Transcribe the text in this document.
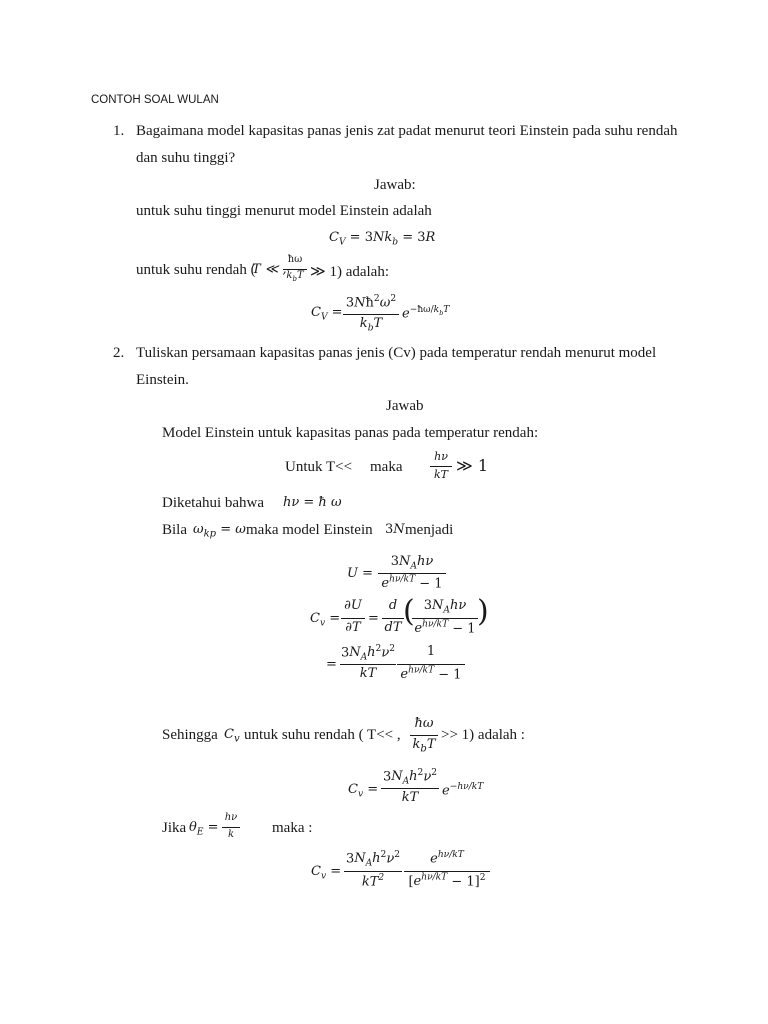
CONTOH SOAL WULAN
1. Bagaimana model kapasitas panas jenis zat padat menurut teori Einstein pada suhu rendah
dan suhu tinggi?
Jawab:
untuk suhu tinggi menurut model Einstein adalah
$C_V = 3Nk_b = 3R$
untuk suhu rendah (
T ≪ ,
ħω
$k_bT$ ≫ 1) adalah:
$C_V$ =
$3Nħ^2\omega^2$
$k_bT$
$e^{-ħ\omega/k_bT}$
2. Tuliskan persamaan kapasitas panas jenis (Cv) pada temperatur rendah menurut model
Einstein.
Jawab
Model Einstein untuk kapasitas panas pada temperatur rendah:
Untuk T<< maka
hν
kT ≫ 1
Diketahui bahwa hν = ħ ω
Bila $\omega_{kp} = \omega$ maka model Einstein 3N menjadi
U =
$3N_Ah\nu$
$e^{h\nu/kT} - 1$
$C_v$ =
∂U
∂T
=
d
dT ( $3N_Ah\nu$
$e^{h\nu/kT} - 1$ )
=
$3N_Ah^2\nu^2$
kT
1
$e^{h\nu/kT} - 1$
Sehingga $C_v$ untuk suhu rendah ( T<< ,
ħω
$k_bT$
>> 1) adalah :
$C_v$ =
$3N_Ah^2\nu^2$
kT	$e^{-h\nu/kT}$
Jika $\theta_E$ =
hν
k	maka :
$C_v$ =
$3N_Ah^2\nu^2$
$kT^2$
$e^{h\nu/kT}$
$[e^{h\nu/kT} - 1]^2$
